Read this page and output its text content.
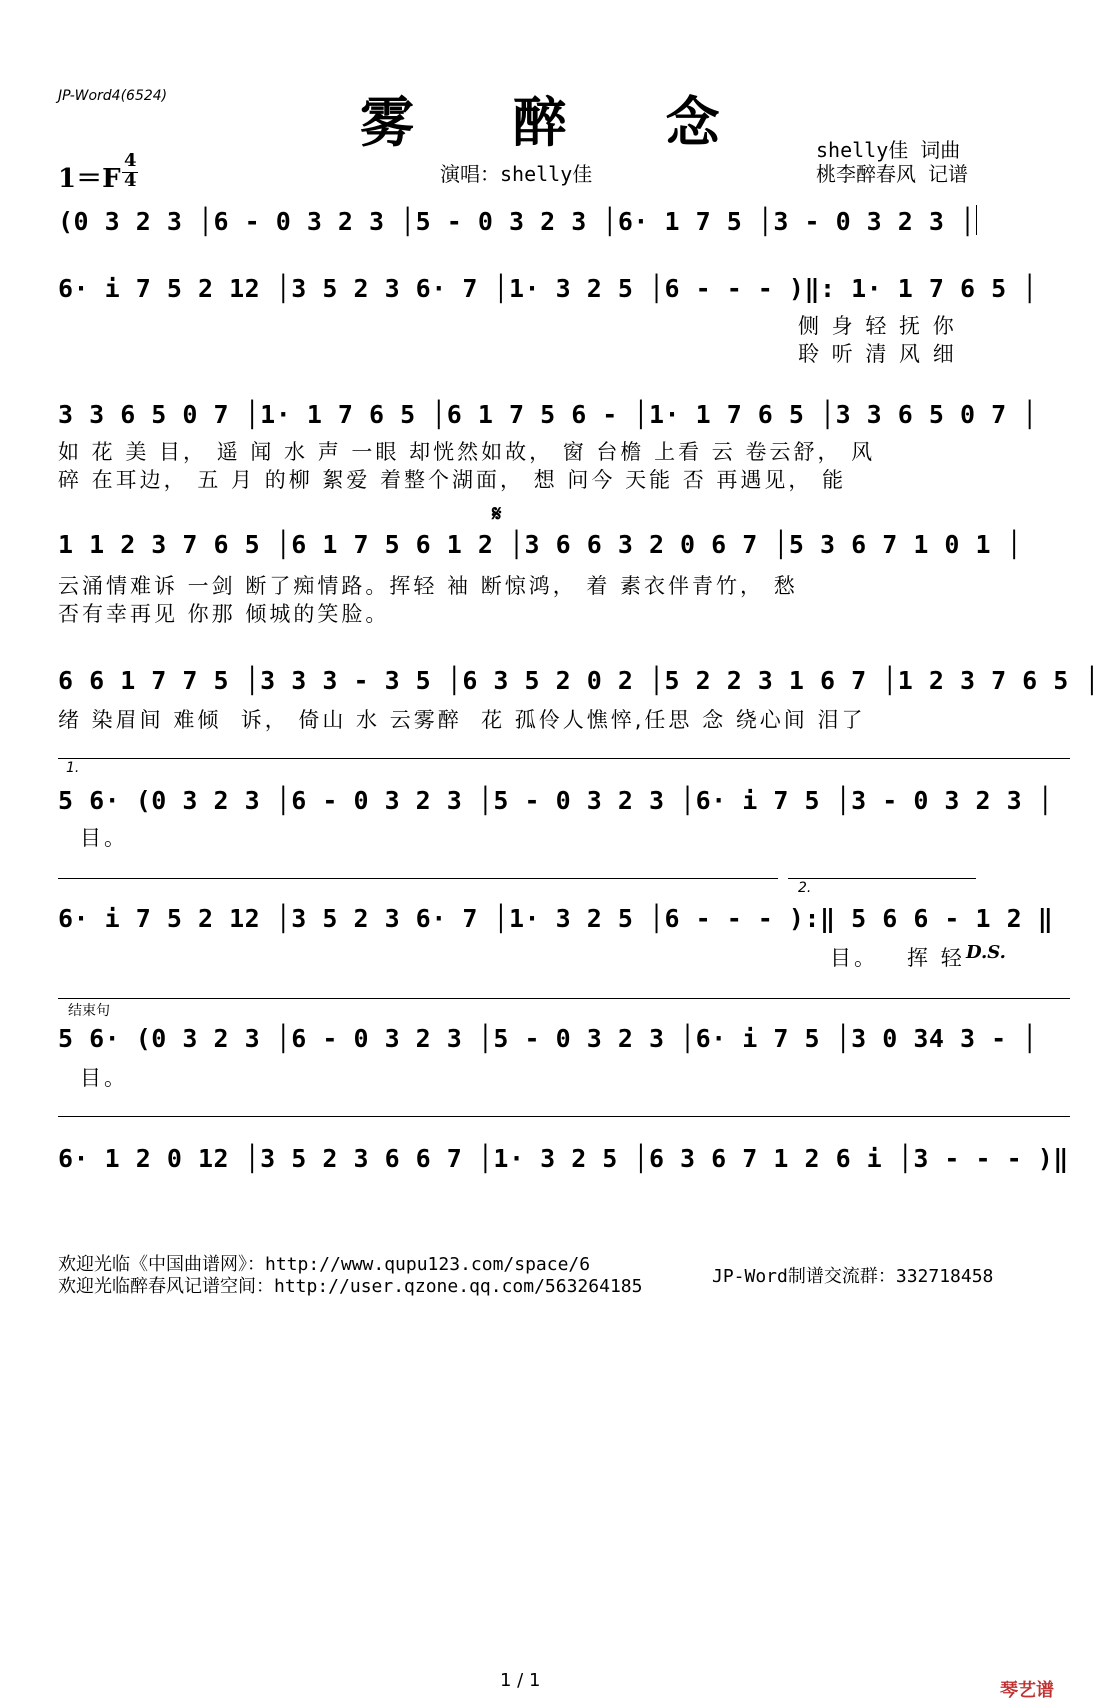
JP-Word4(6524)	雾 醉 念	shelly佳 词曲
桃李醉春风 记谱
演唱：shelly佳
1＝F
4
4
(0 3 2 3 │6 - 0 3 2 3 │5 - 0 3 2 3 │6· 1 7 5 │3 - 0 3 2 3 │
6· i 7 5 2 12 │3 5 2 3 6· 7 │1· 3 2 5 │6 - - - )‖: 1· 1 7 6 5 │
侧 身 轻 抚 你
聆 听 清 风 细
3 3 6 5 0 7 │1· 1 7 6 5 │6 1 7 5 6 - │1· 1 7 6 5 │3 3 6 5 0 7 │
如 花 美 目， 遥 闻 水 声 一眼 却恍然如故， 窗 台檐 上看 云 卷云舒， 风
碎 在耳边， 五 月 的柳 絮爱 着整个湖面， 想 问今 天能 否 再遇见， 能
𝄋
1 1 2 3 7 6 5 │6 1 7 5 6 1 2 │3 6 6 3 2 0 6 7 │5 3 6 7 1 0 1 │
云涌情难诉 一剑 断了痴情路。挥轻 袖 断惊鸿， 着 素衣伴青竹， 愁
否有幸再见 你那 倾城的笑脸。
6 6 1 7 7 5 │3 3 3 - 3 5 │6 3 5 2 0 2 │5 2 2 3 1 6 7 │1 2 3 7 6 5 │
绪 染眉间 难倾  诉， 倚山 水 云雾醉  花 孤伶人憔悴,任思 念 绕心间 泪了
1.
5 6· (0 3 2 3 │6 - 0 3 2 3 │5 - 0 3 2 3 │6· i 7 5 │3 - 0 3 2 3 │
目。
2.
6· i 7 5 2 12 │3 5 2 3 6· 7 │1· 3 2 5 │6 - - - ):‖ 5 6 6 - 1 2 ‖
目。   挥 轻 D.S.
结束句
5 6· (0 3 2 3 │6 - 0 3 2 3 │5 - 0 3 2 3 │6· i 7 5 │3 0 34 3 - │
目。
6· 1 2 0 12 │3 5 2 3 6 6 7 │1· 3 2 5 │6 3 6 7 1 2 6 i │3 - - - )‖
欢迎光临《中国曲谱网》：http://www.qupu123.com/space/6
欢迎光临醉春风记谱空间：http://user.qzone.qq.com/563264185	JP-Word制谱交流群：332718458
1 / 1	琴艺谱
